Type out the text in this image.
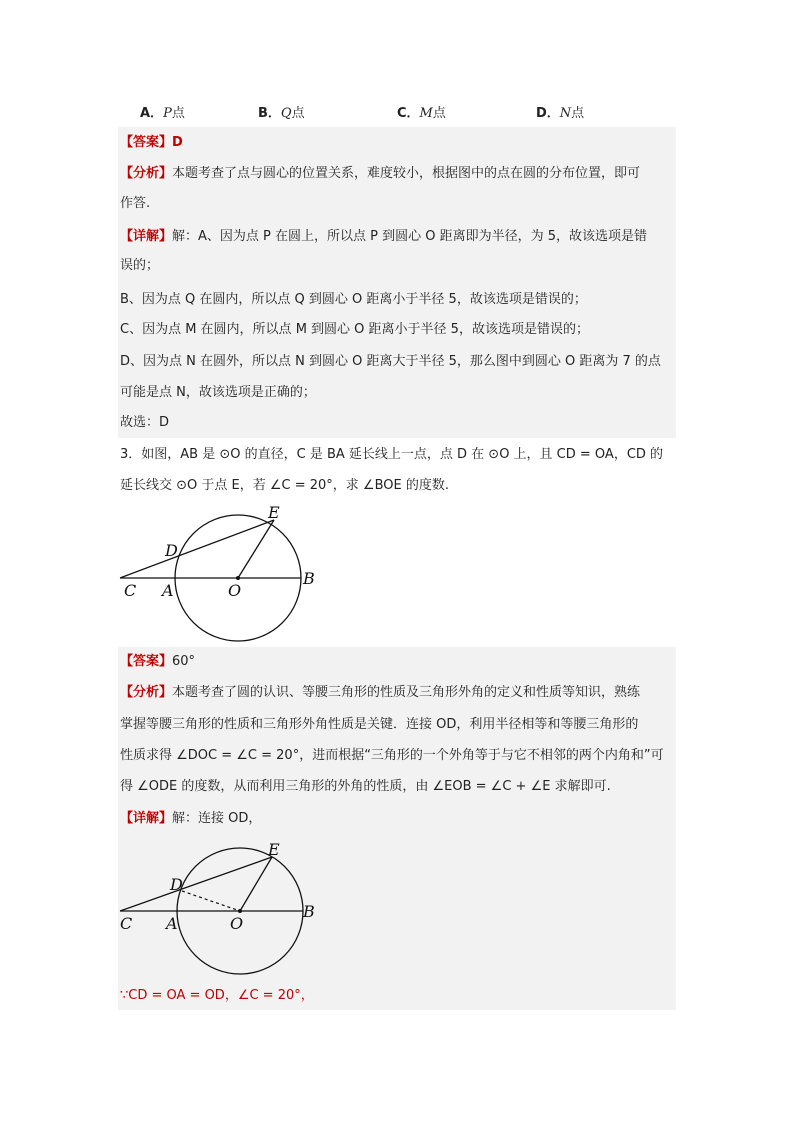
A．P点	B．Q点	C．M点	D．N点
【答案】D
【分析】本题考查了点与圆心的位置关系，难度较小，根据图中的点在圆的分布位置，即可
作答.
【详解】解：A、因为点 P 在圆上，所以点 P 到圆心 O 距离即为半径，为 5，故该选项是错
误的；
B、因为点 Q 在圆内，所以点 Q 到圆心 O 距离小于半径 5，故该选项是错误的；
C、因为点 M 在圆内，所以点 M 到圆心 O 距离小于半径 5，故该选项是错误的；
D、因为点 N 在圆外，所以点 N 到圆心 O 距离大于半径 5，那么图中到圆心 O 距离为 7 的点
可能是点 N，故该选项是正确的；
故选：D
3．如图，AB 是 ⊙O 的直径，C 是 BA 延长线上一点，点 D 在 ⊙O 上，且 CD = OA，CD 的
延长线交 ⊙O 于点 E，若 ∠C = 20°，求 ∠BOE 的度数.
E
D
C A	O
B
【答案】60°
【分析】本题考查了圆的认识、等腰三角形的性质及三角形外角的定义和性质等知识，熟练
掌握等腰三角形的性质和三角形外角性质是关键．连接 OD，利用半径相等和等腰三角形的
性质求得 ∠DOC = ∠C = 20°，进而根据“三角形的一个外角等于与它不相邻的两个内角和”可
得 ∠ODE 的度数，从而利用三角形的外角的性质，由 ∠EOB = ∠C + ∠E 求解即可.
【详解】解：连接 OD，
E
D
C A	O
B
∵CD = OA = OD，∠C = 20°，
